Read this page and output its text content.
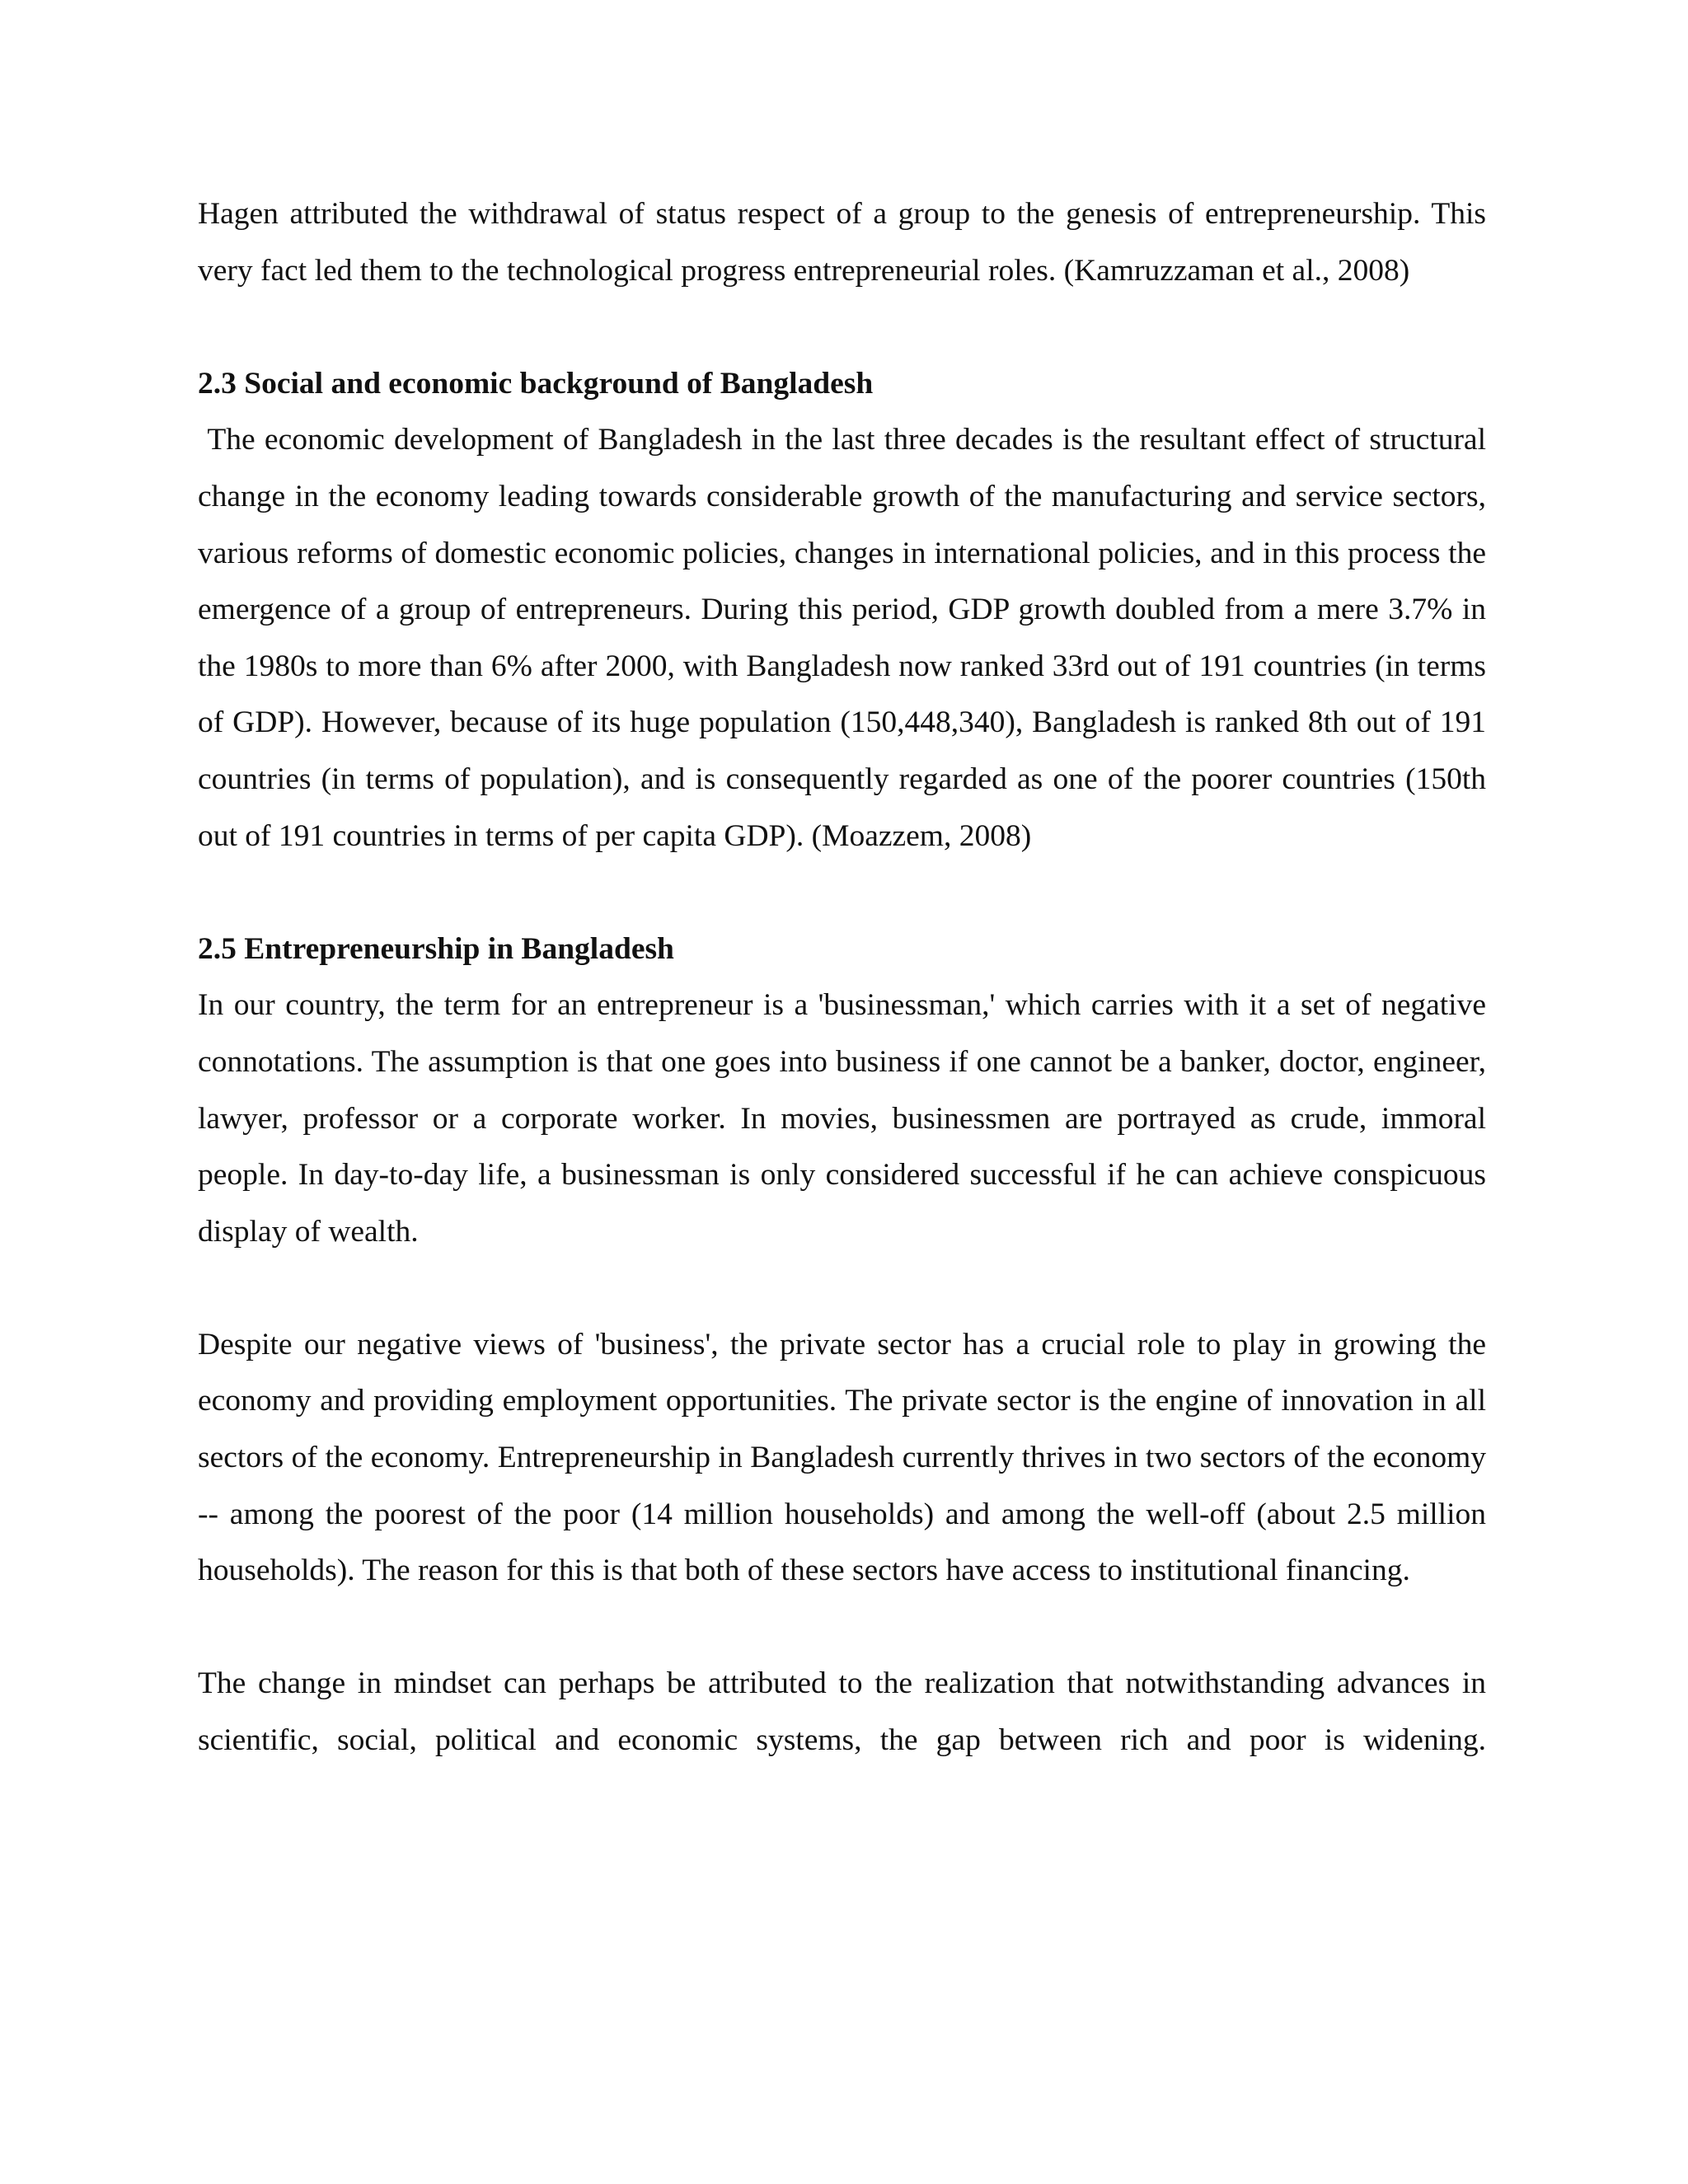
Hagen attributed the withdrawal of status respect of a group to the genesis of entrepreneurship. This very fact led them to the technological progress entrepreneurial roles. (Kamruzzaman et al., 2008)

2.3 Social and economic background of Bangladesh

The economic development of Bangladesh in the last three decades is the resultant effect of structural change in the economy leading towards considerable growth of the manufacturing and service sectors, various reforms of domestic economic policies, changes in international policies, and in this process the emergence of a group of entrepreneurs. During this period, GDP growth doubled from a mere 3.7% in the 1980s to more than 6% after 2000, with Bangladesh now ranked 33rd out of 191 countries (in terms of GDP). However, because of its huge population (150,448,340), Bangladesh is ranked 8th out of 191 countries (in terms of population), and is consequently regarded as one of the poorer countries (150th out of 191 countries in terms of per capita GDP). (Moazzem, 2008)

2.5 Entrepreneurship in Bangladesh

In our country, the term for an entrepreneur is a 'businessman,' which carries with it a set of negative connotations. The assumption is that one goes into business if one cannot be a banker, doctor, engineer, lawyer, professor or a corporate worker. In movies, businessmen are portrayed as crude, immoral people. In day-to-day life, a businessman is only considered successful if he can achieve conspicuous display of wealth.

Despite our negative views of 'business', the private sector has a crucial role to play in growing the economy and providing employment opportunities. The private sector is the engine of innovation in all sectors of the economy. Entrepreneurship in Bangladesh currently thrives in two sectors of the economy -- among the poorest of the poor (14 million households) and among the well-off (about 2.5 million households). The reason for this is that both of these sectors have access to institutional financing.

The change in mindset can perhaps be attributed to the realization that notwithstanding advances in scientific, social, political and economic systems, the gap between rich and poor is widening.
